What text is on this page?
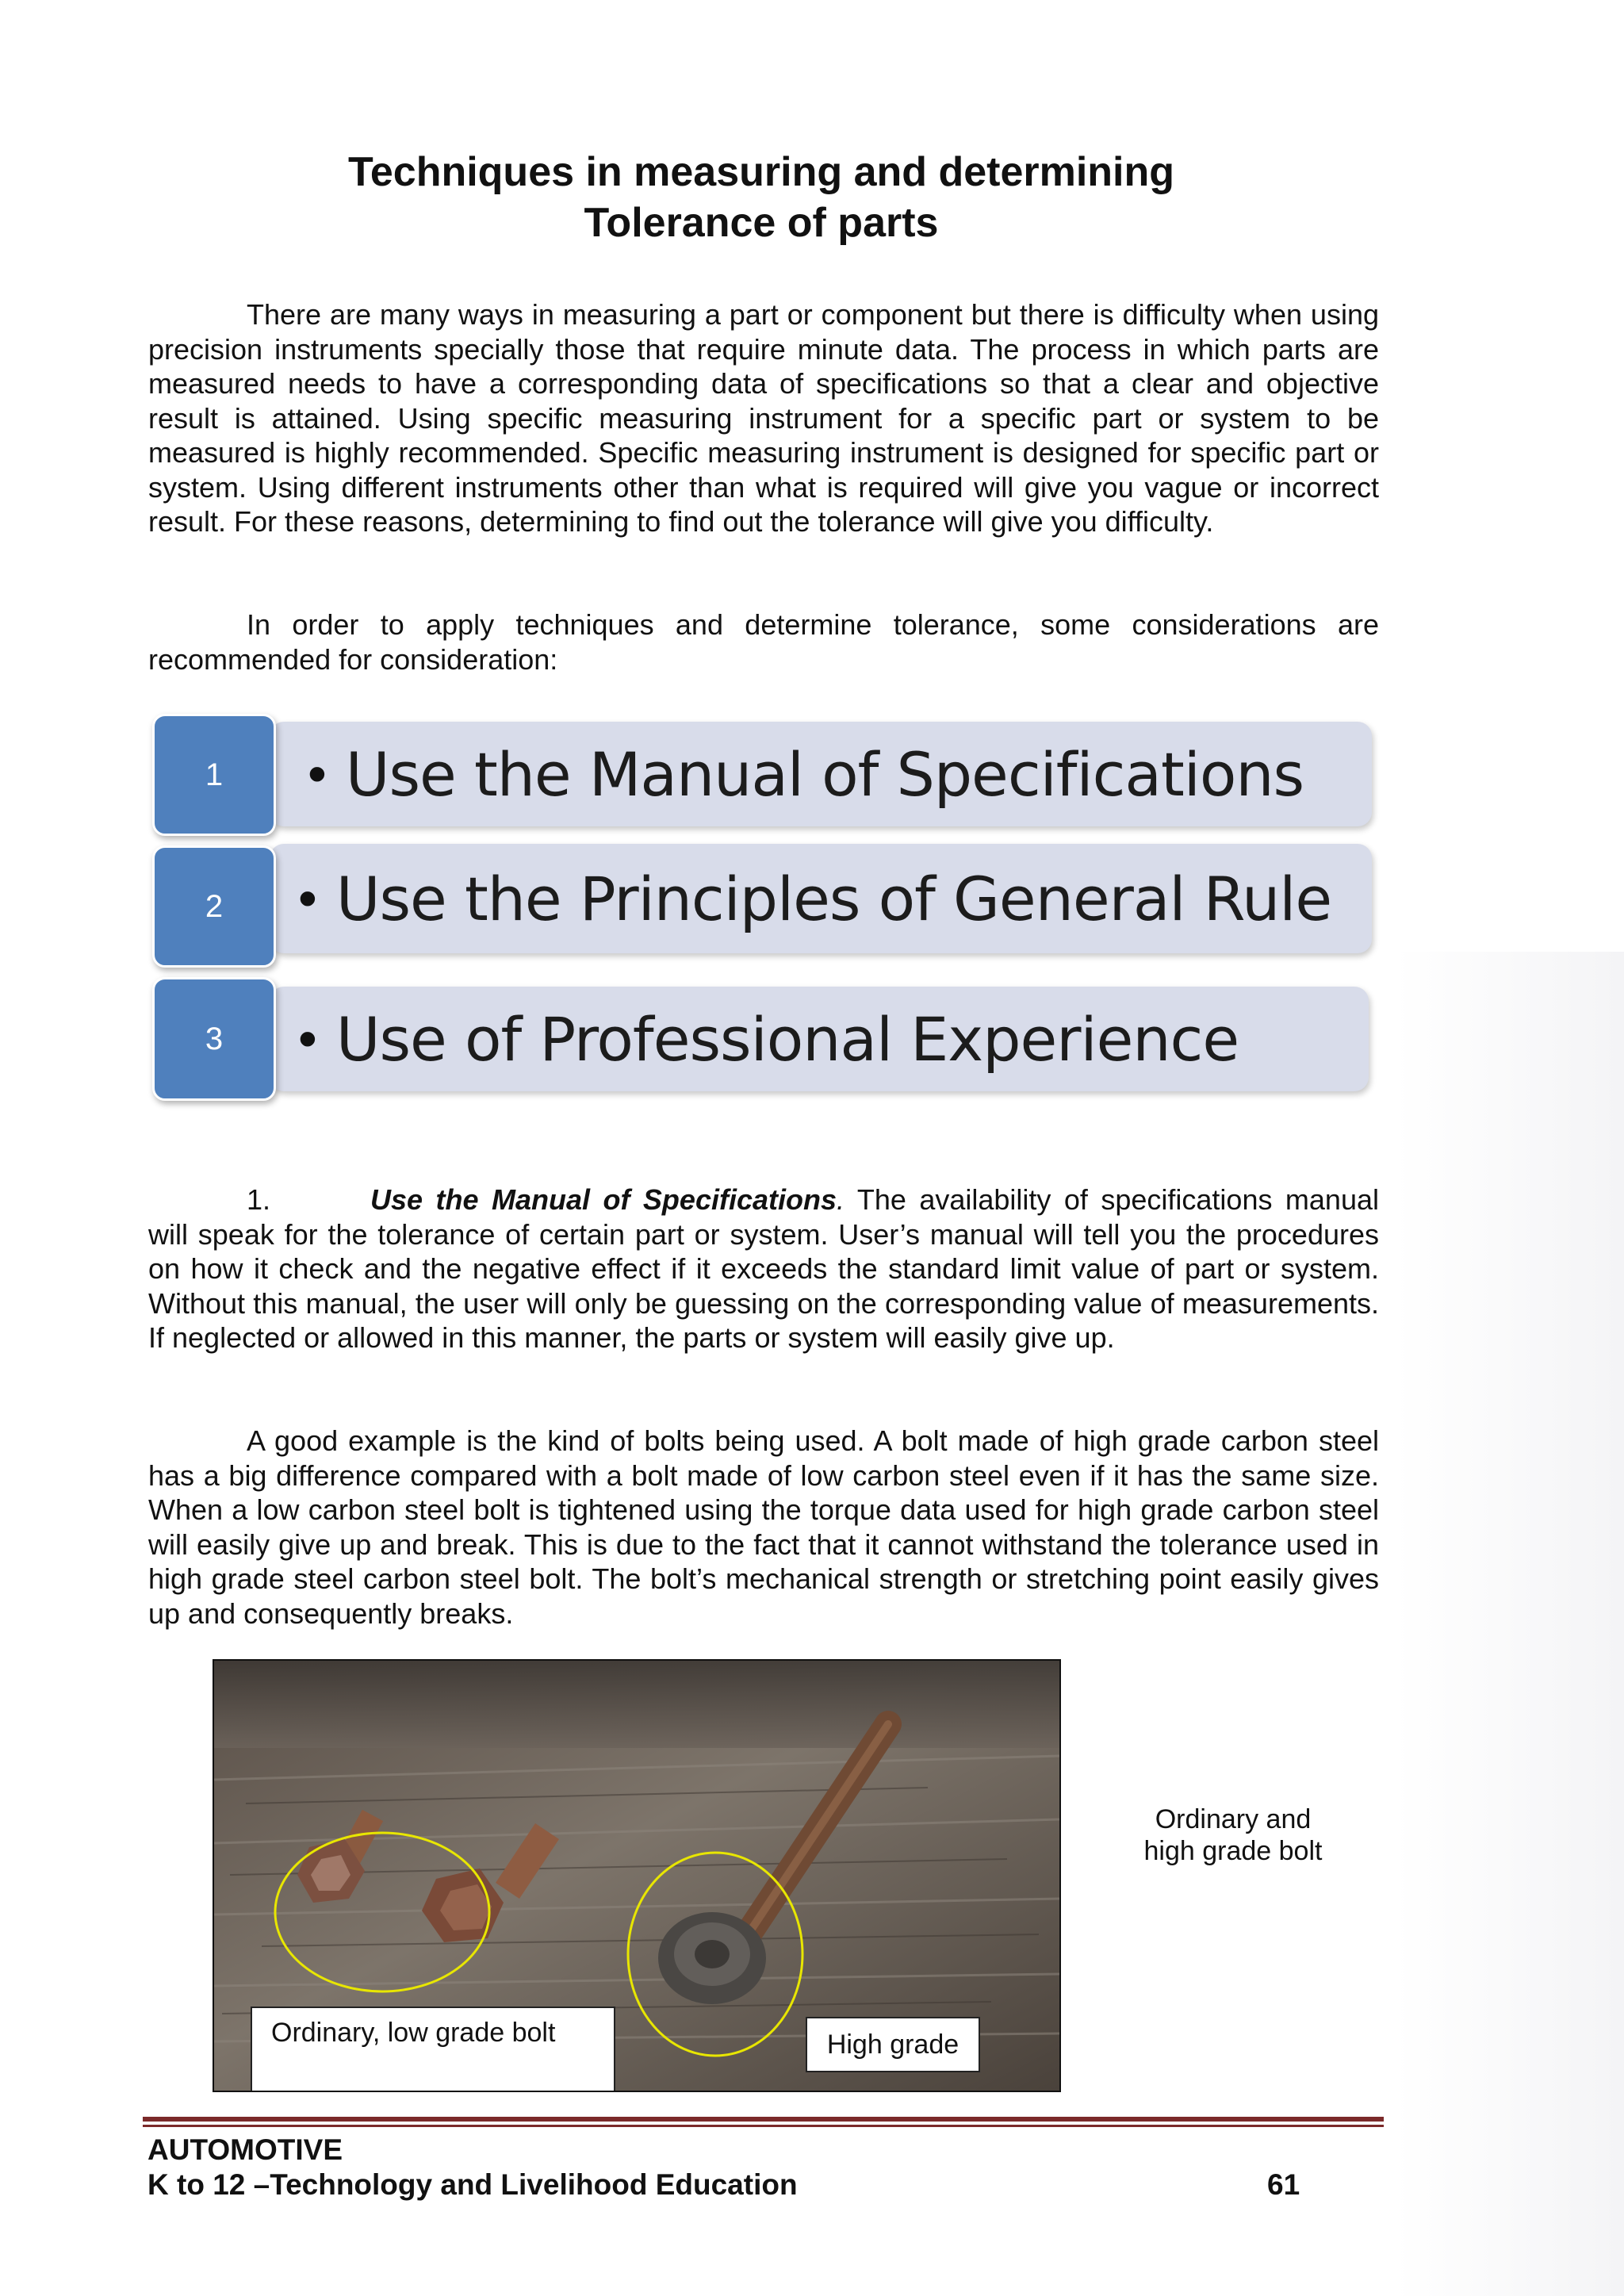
Techniques in measuring and determining
Tolerance of parts
There are many ways in measuring a part or component but there is difficulty when using precision instruments specially those that require minute data. The process in which parts are measured needs to have a corresponding data of specifications so that a clear and objective result is attained. Using specific measuring instrument for a specific part or system to be measured is highly recommended. Specific measuring instrument is designed for specific part or system. Using different instruments other than what is required will give you vague or incorrect result. For these reasons, determining to find out the tolerance will give you difficulty.
In order to apply techniques and determine tolerance, some considerations are recommended for consideration:
• Use the Manual of Specifications
1
• Use the Principles of General Rule
2
• Use of Professional Experience
3
1.	Use the Manual of Specifications. The availability of specifications manual will speak for the tolerance of certain part or system. User’s manual will tell you the procedures on how it check and the negative effect if it exceeds the standard limit value of part or system. Without this manual, the user will only be guessing on the corresponding value of measurements. If neglected or allowed in this manner, the parts or system will easily give up.
A good example is the kind of bolts being used. A bolt made of high grade carbon steel has a big difference compared with a bolt made of low carbon steel even if it has the same size. When a low carbon steel bolt is tightened using the torque data used for high grade carbon steel will easily give up and break. This is due to the fact that it cannot withstand the tolerance used in high grade steel carbon steel bolt. The bolt’s mechanical strength or stretching point easily gives up and consequently breaks.
Ordinary, low grade bolt	High grade
Ordinary and
high grade bolt
AUTOMOTIVE
K to 12 –Technology and Livelihood Education	61
